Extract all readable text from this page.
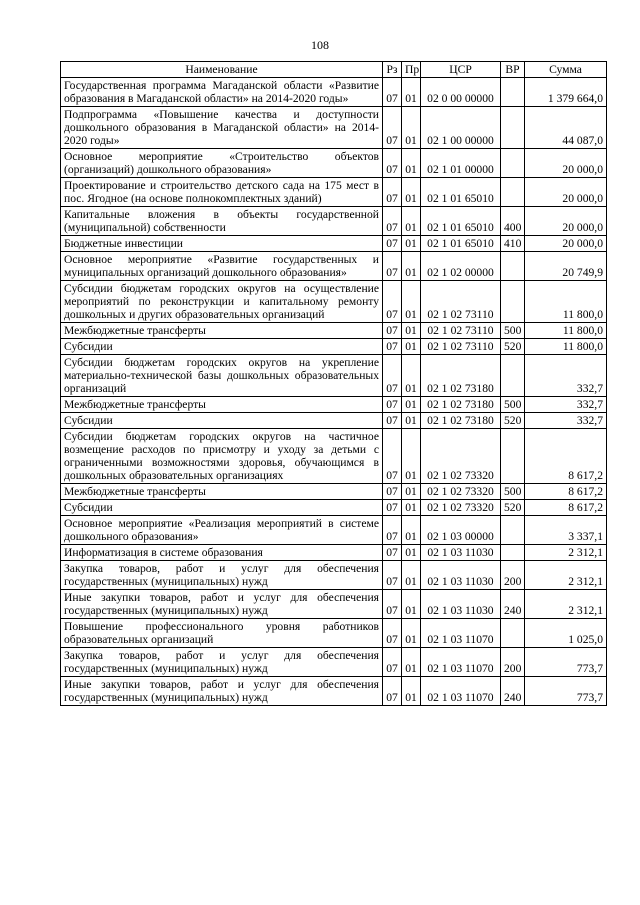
108
Наименование	Рз	Пр	ЦСР	ВР	Сумма
Государственная программа Магаданской области «Развитие образования в Магаданской области» на 2014-2020 годы»	07	01	02 0 00 00000		1 379 664,0
Подпрограмма «Повышение качества и доступности дошкольного образования в Магаданской области» на 2014-2020 годы»	07	01	02 1 00 00000		44 087,0
Основное мероприятие «Строительство объектов (организаций) дошкольного образования»	07	01	02 1 01 00000		20 000,0
Проектирование и строительство детского сада на 175 мест в пос. Ягодное (на основе полнокомплектных зданий)	07	01	02 1 01 65010		20 000,0
Капитальные вложения в объекты государственной (муниципальной) собственности	07	01	02 1 01 65010	400	20 000,0
Бюджетные инвестиции	07	01	02 1 01 65010	410	20 000,0
Основное мероприятие «Развитие государственных и муниципальных организаций дошкольного образования»	07	01	02 1 02 00000		20 749,9
Субсидии бюджетам городских округов на осуществление мероприятий по реконструкции и капитальному ремонту дошкольных и других образовательных организаций	07	01	02 1 02 73110		11 800,0
Межбюджетные трансферты	07	01	02 1 02 73110	500	11 800,0
Субсидии	07	01	02 1 02 73110	520	11 800,0
Субсидии бюджетам городских округов на укрепление материально-технической базы дошкольных образовательных организаций	07	01	02 1 02 73180		332,7
Межбюджетные трансферты	07	01	02 1 02 73180	500	332,7
Субсидии	07	01	02 1 02 73180	520	332,7
Субсидии бюджетам городских округов на частичное возмещение расходов по присмотру и уходу за детьми с ограниченными возможностями здоровья, обучающимся в дошкольных образовательных организациях	07	01	02 1 02 73320		8 617,2
Межбюджетные трансферты	07	01	02 1 02 73320	500	8 617,2
Субсидии	07	01	02 1 02 73320	520	8 617,2
Основное мероприятие «Реализация мероприятий в системе дошкольного образования»	07	01	02 1 03 00000		3 337,1
Информатизация в системе образования	07	01	02 1 03 11030		2 312,1
Закупка товаров, работ и услуг для обеспечения государственных (муниципальных) нужд	07	01	02 1 03 11030	200	2 312,1
Иные закупки товаров, работ и услуг для обеспечения государственных (муниципальных) нужд	07	01	02 1 03 11030	240	2 312,1
Повышение профессионального уровня работников образовательных организаций	07	01	02 1 03 11070		1 025,0
Закупка товаров, работ и услуг для обеспечения государственных (муниципальных) нужд	07	01	02 1 03 11070	200	773,7
Иные закупки товаров, работ и услуг для обеспечения государственных (муниципальных) нужд	07	01	02 1 03 11070	240	773,7
